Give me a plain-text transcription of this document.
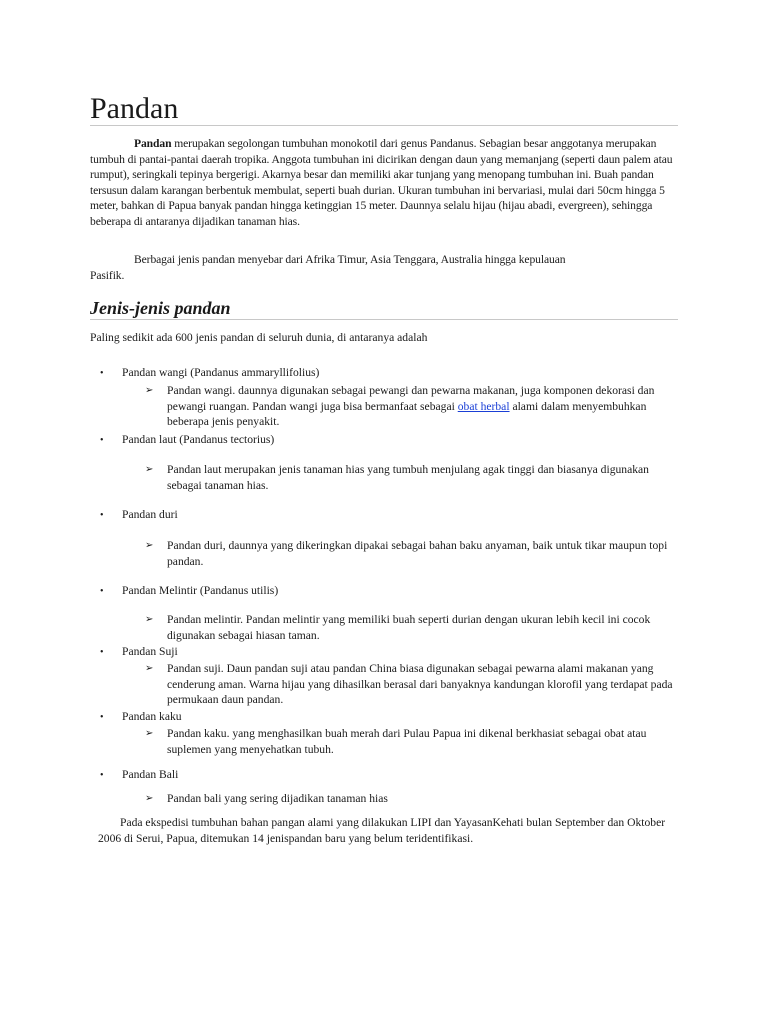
Pandan

Pandan merupakan segolongan tumbuhan monokotil dari genus Pandanus. Sebagian besar anggotanya merupakan tumbuh di pantai-pantai daerah tropika. Anggota tumbuhan ini dicirikan dengan daun yang memanjang (seperti daun palem atau rumput), seringkali tepinya bergerigi. Akarnya besar dan memiliki akar tunjang yang menopang tumbuhan ini. Buah pandan tersusun dalam karangan berbentuk membulat, seperti buah durian. Ukuran tumbuhan ini bervariasi, mulai dari 50cm hingga 5 meter, bahkan di Papua banyak pandan hingga ketinggian 15 meter. Daunnya selalu hijau (hijau abadi, evergreen), sehingga beberapa di antaranya dijadikan tanaman hias.

Berbagai jenis pandan menyebar dari Afrika Timur, Asia Tenggara, Australia hingga kepulauan Pasifik.

Jenis-jenis pandan

Paling sedikit ada 600 jenis pandan di seluruh dunia, di antaranya adalah

• Pandan wangi (Pandanus ammaryllifolius)
➢	Pandan wangi. daunnya digunakan sebagai pewangi dan pewarna makanan, juga komponen dekorasi dan pewangi ruangan. Pandan wangi juga bisa bermanfaat sebagai obat herbal alami dalam menyembuhkan beberapa jenis penyakit.
• Pandan laut (Pandanus tectorius)
➢	Pandan laut merupakan jenis tanaman hias yang tumbuh menjulang agak tinggi dan biasanya digunakan sebagai tanaman hias.
• Pandan duri
➢	Pandan duri, daunnya yang dikeringkan dipakai sebagai bahan baku anyaman, baik untuk tikar maupun topi pandan.
• Pandan Melintir (Pandanus utilis)
➢	Pandan melintir. Pandan melintir yang memiliki buah seperti durian dengan ukuran lebih kecil ini cocok digunakan sebagai hiasan taman.
• Pandan Suji
➢	Pandan suji. Daun pandan suji atau pandan China biasa digunakan sebagai pewarna alami makanan yang cenderung aman. Warna hijau yang dihasilkan berasal dari banyaknya kandungan klorofil yang terdapat pada permukaan daun pandan.
• Pandan kaku
➢	Pandan kaku. yang menghasilkan buah merah dari Pulau Papua ini dikenal berkhasiat sebagai obat atau suplemen yang menyehatkan tubuh.
• Pandan Bali
➢	Pandan bali yang sering dijadikan tanaman hias

Pada ekspedisi tumbuhan bahan pangan alami yang dilakukan LIPI dan YayasanKehati bulan September dan Oktober 2006 di Serui, Papua, ditemukan 14 jenispandan baru yang belum teridentifikasi.
